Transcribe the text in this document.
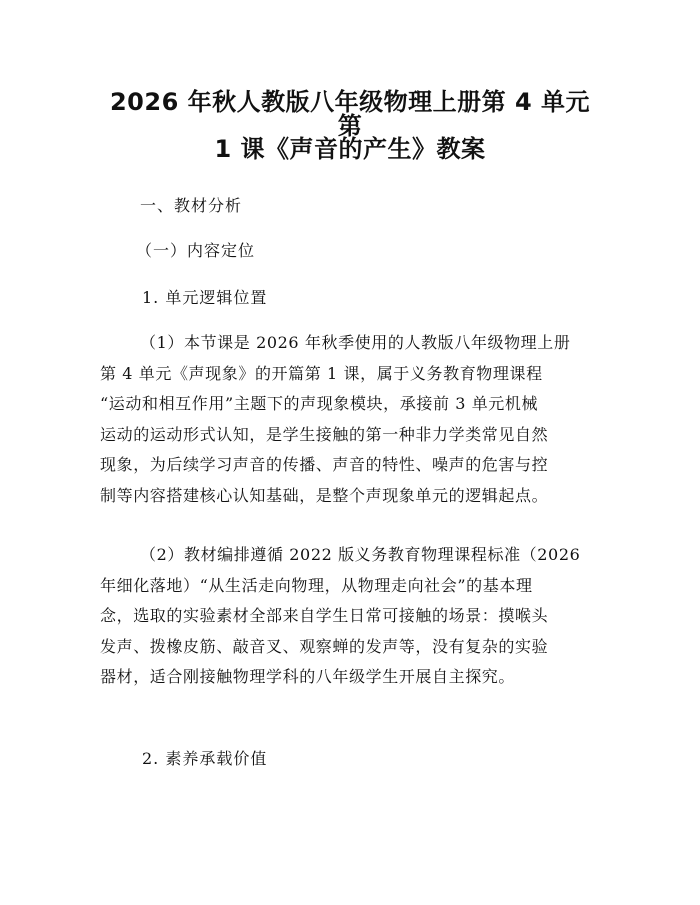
2026 年秋人教版八年级物理上册第 4 单元第
1 课《声音的产生》教案

一、教材分析

（一）内容定位

1. 单元逻辑位置

（1）本节课是 2026 年秋季使用的人教版八年级物理上册
第 4 单元《声现象》的开篇第 1 课，属于义务教育物理课程
“运动和相互作用”主题下的声现象模块，承接前 3 单元机械
运动的运动形式认知，是学生接触的第一种非力学类常见自然
现象，为后续学习声音的传播、声音的特性、噪声的危害与控
制等内容搭建核心认知基础，是整个声现象单元的逻辑起点。
（2）教材编排遵循 2022 版义务教育物理课程标准（2026
年细化落地）“从生活走向物理，从物理走向社会”的基本理
念，选取的实验素材全部来自学生日常可接触的场景：摸喉头
发声、拨橡皮筋、敲音叉、观察蝉的发声等，没有复杂的实验
器材，适合刚接触物理学科的八年级学生开展自主探究。

2. 素养承载价值
